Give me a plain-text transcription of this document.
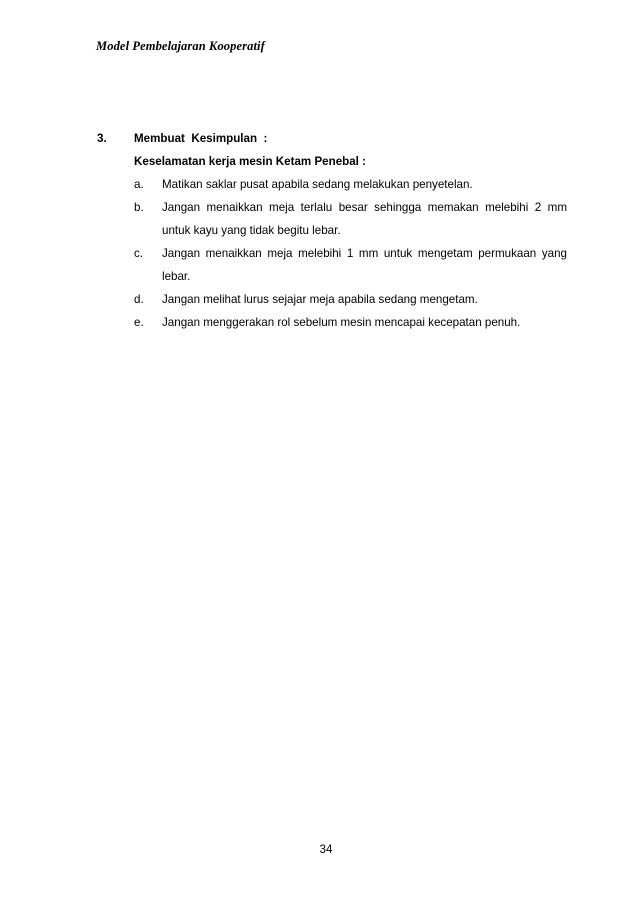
Model Pembelajaran Kooperatif
3.	Membuat  Kesimpulan  :
Keselamatan kerja mesin Ketam Penebal :
a.	Matikan saklar pusat apabila sedang melakukan penyetelan.
b.	Jangan menaikkan meja terlalu besar sehingga memakan melebihi 2 mm untuk kayu yang tidak begitu lebar.
c.	Jangan menaikkan meja melebihi 1 mm untuk mengetam permukaan yang lebar.
d.	Jangan melihat lurus sejajar meja apabila sedang mengetam.
e.	Jangan menggerakan rol sebelum mesin mencapai kecepatan penuh.
34
